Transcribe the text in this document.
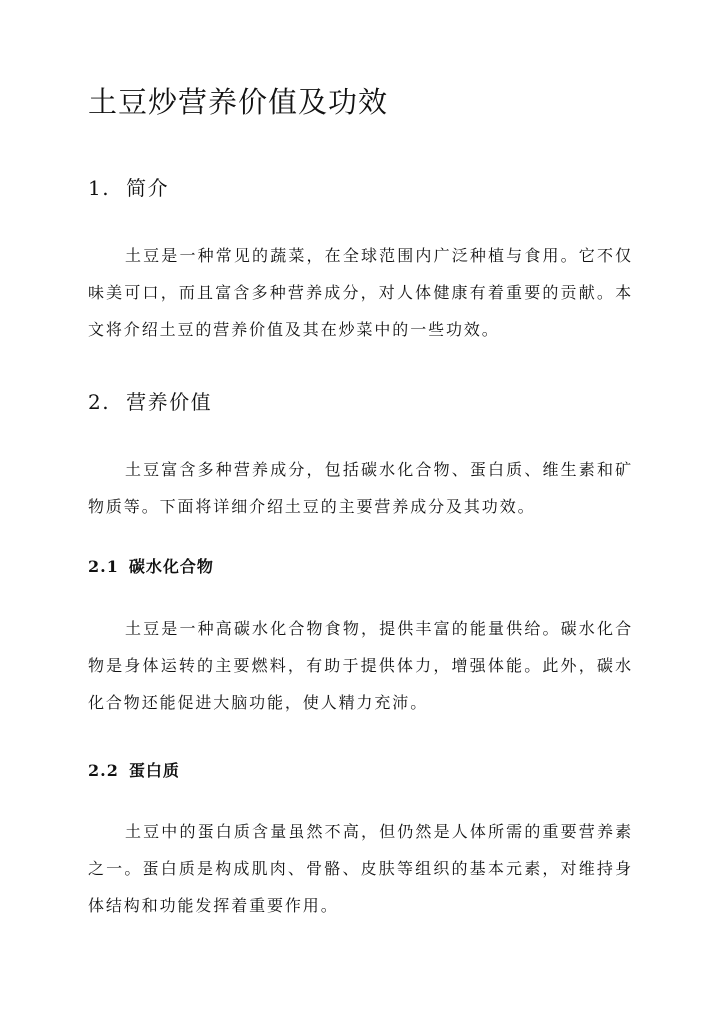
土豆炒营养价值及功效
1. 简介

土豆是一种常见的蔬菜，在全球范围内广泛种植与食用。它不仅味美可口，而且富含多种营养成分，对人体健康有着重要的贡献。本文将介绍土豆的营养价值及其在炒菜中的一些功效。

2. 营养价值

土豆富含多种营养成分，包括碳水化合物、蛋白质、维生素和矿物质等。下面将详细介绍土豆的主要营养成分及其功效。

2.1 碳水化合物

土豆是一种高碳水化合物食物，提供丰富的能量供给。碳水化合物是身体运转的主要燃料，有助于提供体力，增强体能。此外，碳水化合物还能促进大脑功能，使人精力充沛。

2.2 蛋白质

土豆中的蛋白质含量虽然不高，但仍然是人体所需的重要营养素之一。蛋白质是构成肌肉、骨骼、皮肤等组织的基本元素，对维持身体结构和功能发挥着重要作用。
